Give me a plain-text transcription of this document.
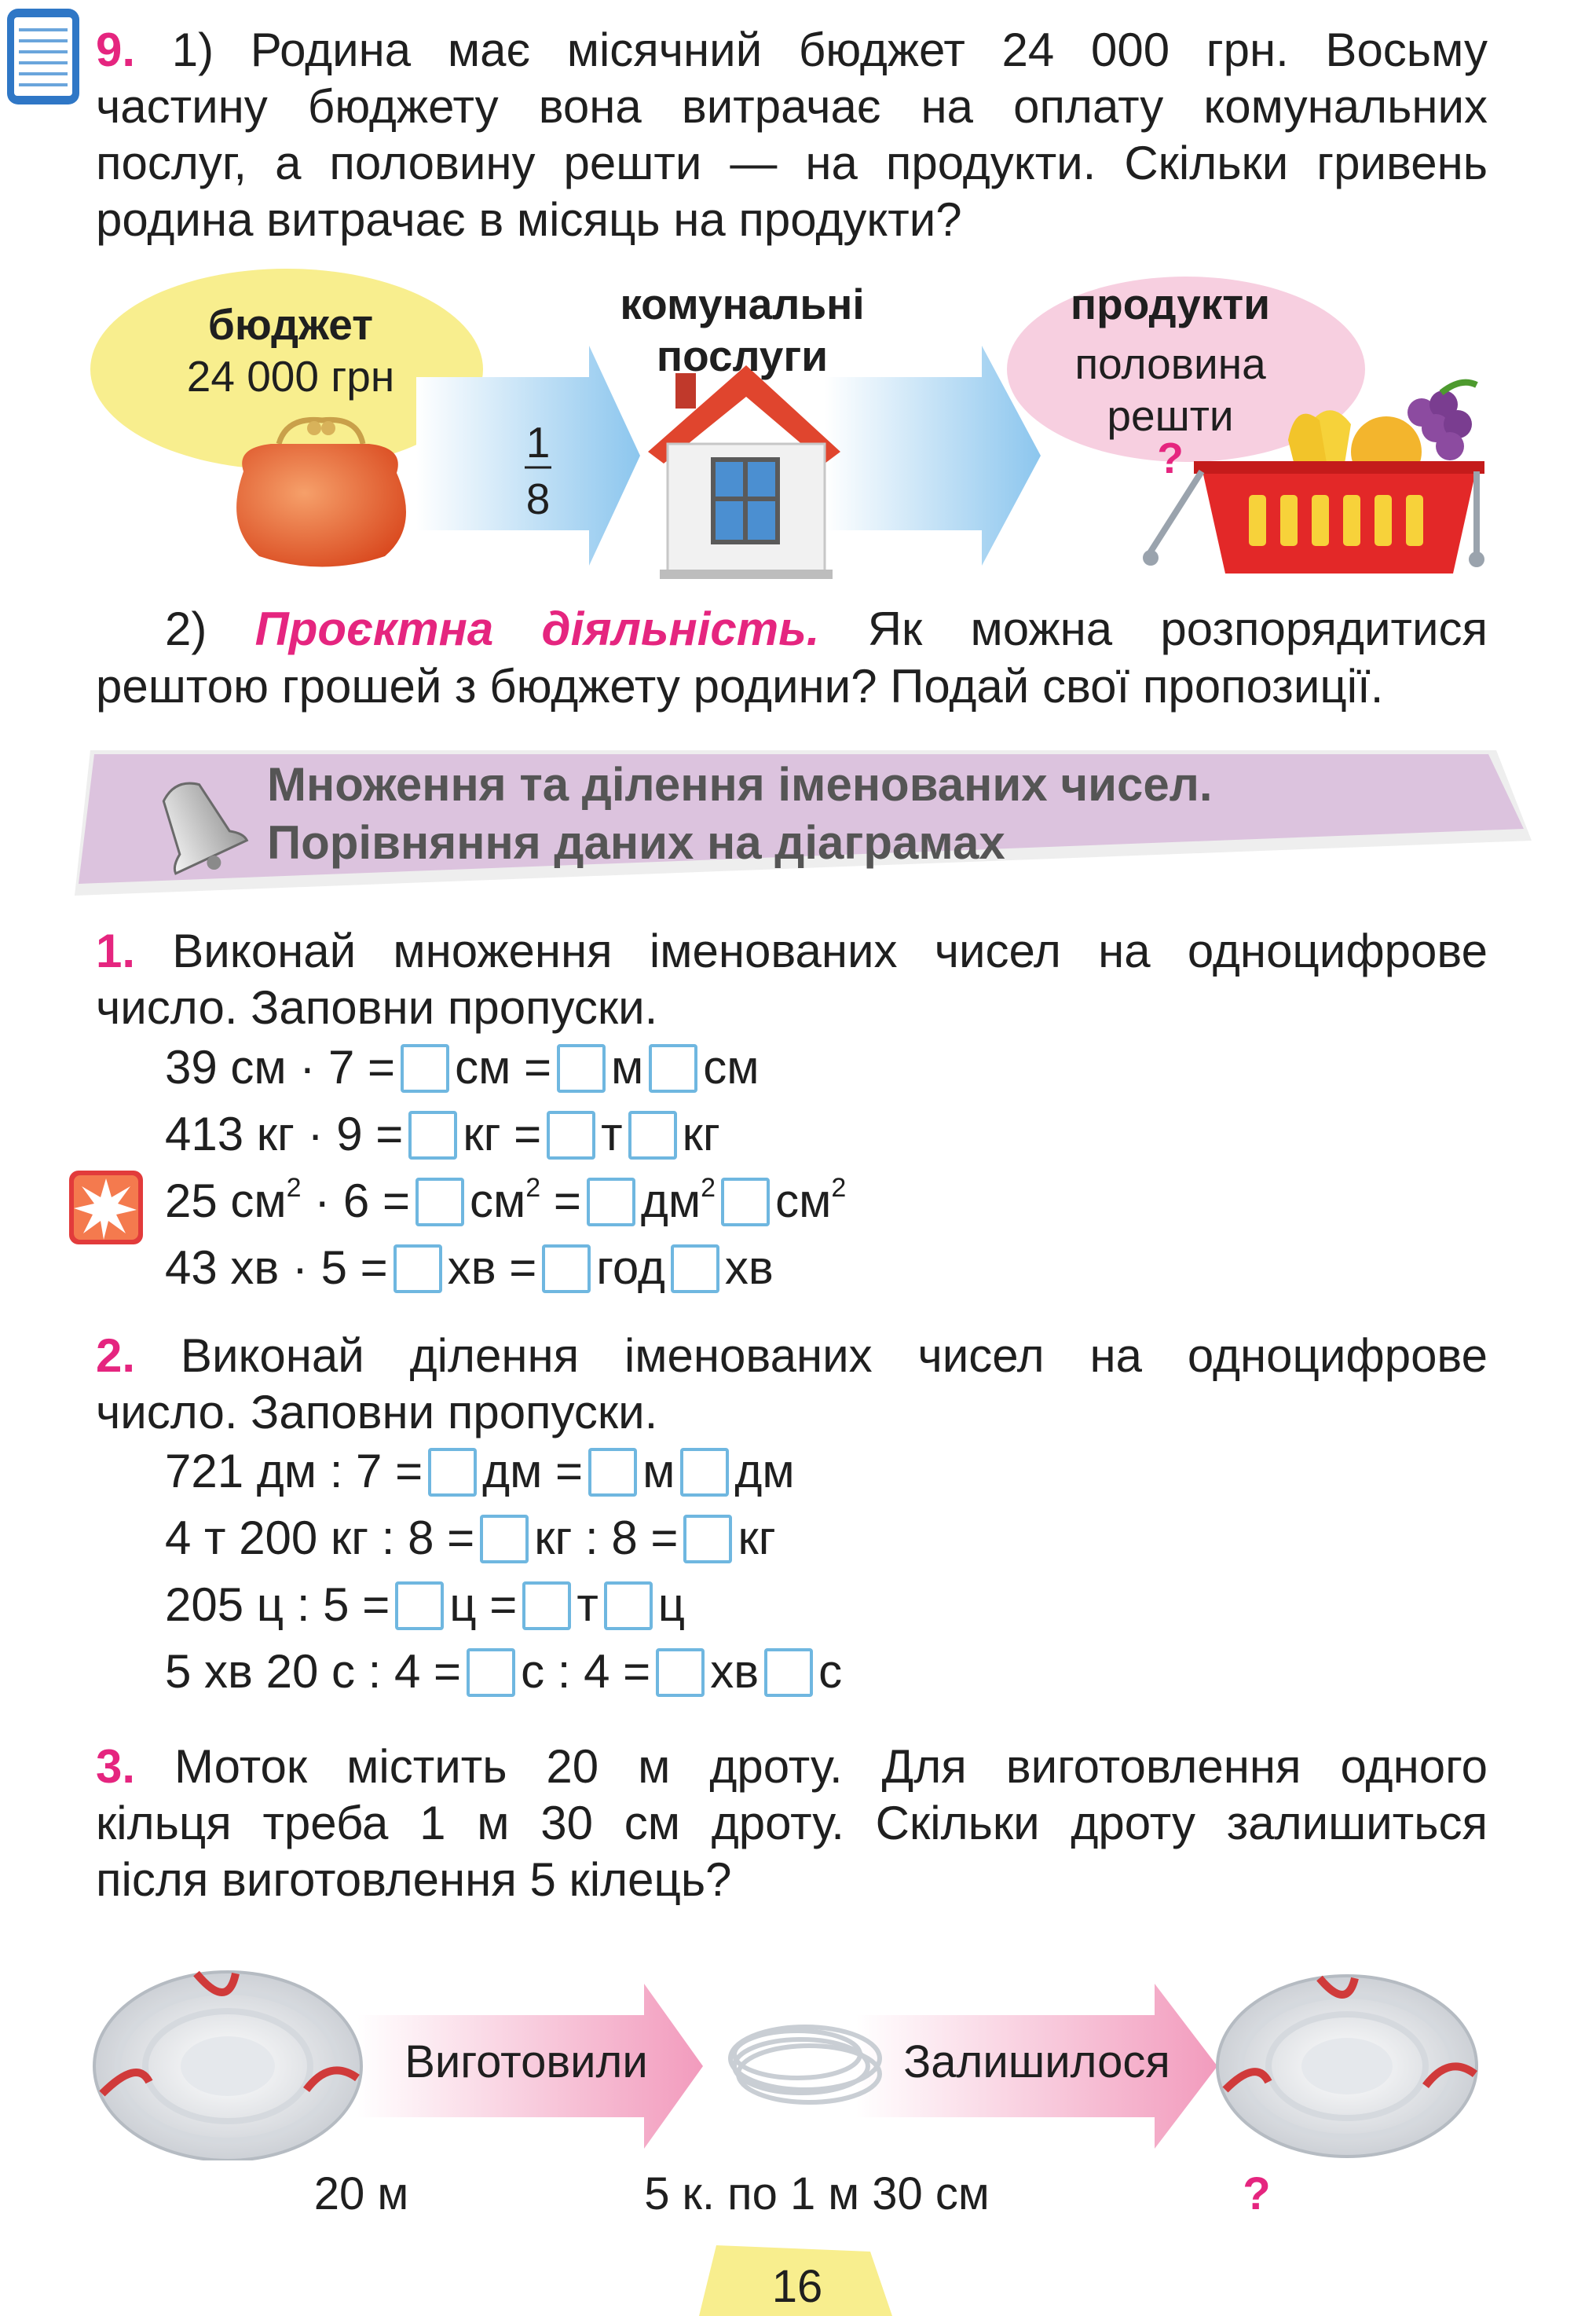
9. 1) Родина має місячний бюджет 24 000 грн. Восьму
частину бюджету вона витрачає на оплату комунальних
послуг, а половину решти — на продукти. Скільки гривень
родина витрачає в місяць на продукти?
бюджет
24 000 грн
1
8
комунальні
послуги
продукти
половина
решти
?
2) Проєктна діяльність. Як можна розпорядитися
рештою грошей з бюджету родини? Подай свої пропозиції.
Множення та ділення іменованих чисел.
Порівняння даних на діаграмах
1. Виконай множення іменованих чисел на одноцифрове
число. Заповни пропуски.
39 см · 7 = см = м см
413 кг · 9 = кг = т кг
25 $см^2 \cdot 6 = см^2 = дм^2$ $см^2$
43 хв · 5 = хв = год хв
2. Виконай ділення іменованих чисел на одноцифрове
число. Заповни пропуски.
721 дм : 7 = дм = м дм
4 т 200 кг : 8 = кг : 8 = кг
205 ц : 5 = ц = т ц
5 хв 20 с : 4 = с : 4 = хв с
3. Моток містить 20 м дроту. Для виготовлення одного
кільця треба 1 м 30 см дроту. Скільки дроту залишиться
після виготовлення 5 кілець?
Виготовили	Залишилося
20 м	5 к. по 1 м 30 см	?
16
